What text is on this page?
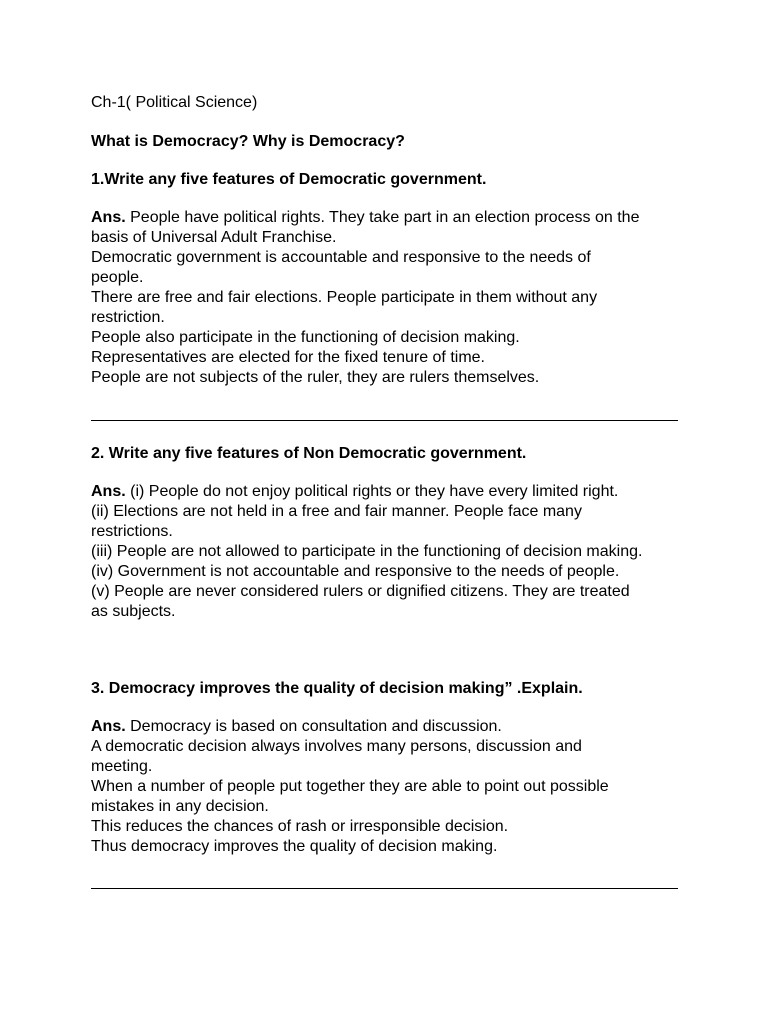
Ch-1( Political Science)
What is Democracy? Why is Democracy?
1.Write any five features of Democratic government.
Ans. People have political rights. They take part in an election process on the
basis of Universal Adult Franchise.
Democratic government is accountable and responsive to the needs of
people.
There are free and fair elections. People participate in them without any
restriction.
People also participate in the functioning of decision making.
Representatives are elected for the fixed tenure of time.
People are not subjects of the ruler, they are rulers themselves.
2. Write any five features of Non Democratic government.
Ans. (i) People do not enjoy political rights or they have every limited right.
(ii) Elections are not held in a free and fair manner. People face many
restrictions.
(iii) People are not allowed to participate in the functioning of decision making.
(iv) Government is not accountable and responsive to the needs of people.
(v) People are never considered rulers or dignified citizens. They are treated
as subjects.
3. Democracy improves the quality of decision making” .Explain.
Ans. Democracy is based on consultation and discussion.
A democratic decision always involves many persons, discussion and
meeting.
When a number of people put together they are able to point out possible
mistakes in any decision.
This reduces the chances of rash or irresponsible decision.
Thus democracy improves the quality of decision making.
